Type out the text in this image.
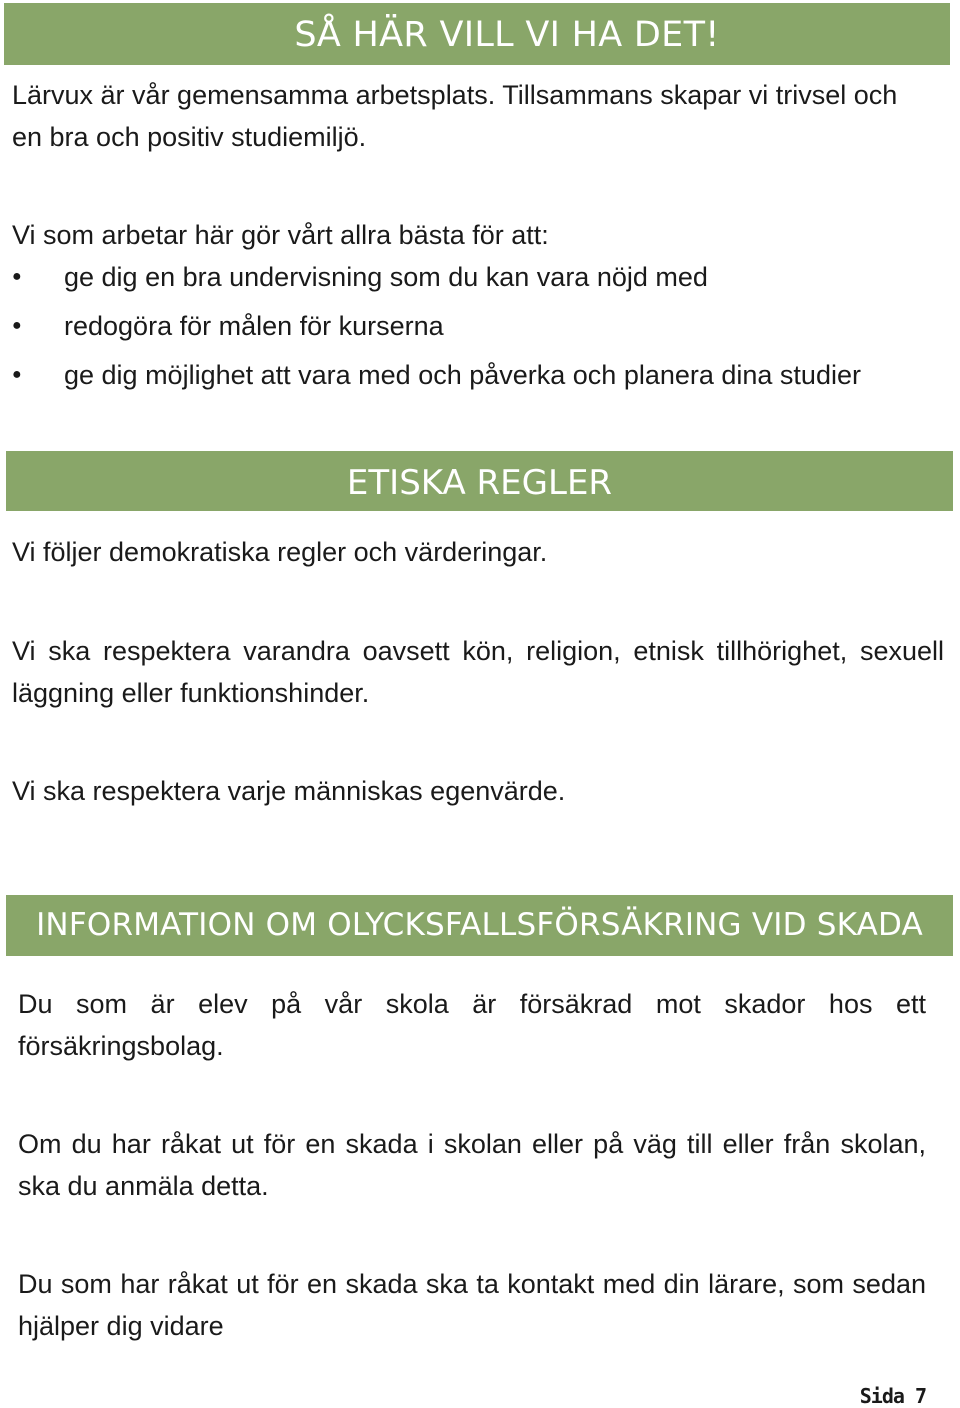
SÅ HÄR VILL VI HA DET!

Lärvux är vår gemensamma arbetsplats. Tillsammans skapar vi trivsel och en bra och positiv studiemiljö.

Vi som arbetar här gör vårt allra bästa för att:

● ge dig en bra undervisning som du kan vara nöjd med
● redogöra för målen för kurserna
● ge dig möjlighet att vara med och påverka och planera dina studier
ETISKA REGLER

Vi följer demokratiska regler och värderingar.

Vi ska respektera varandra oavsett kön, religion, etnisk tillhörighet, sexuell läggning eller funktionshinder.

Vi ska respektera varje människas egenvärde.

INFORMATION OM OLYCKSFALLSFÖRSÄKRING VID SKADA

Du som är elev på vår skola är försäkrad mot skador hos ett försäkringsbolag.

Om du har råkat ut för en skada i skolan eller på väg till eller från skolan, ska du anmäla detta.

Du som har råkat ut för en skada ska ta kontakt med din lärare, som sedan hjälper dig vidare

Sida 7
